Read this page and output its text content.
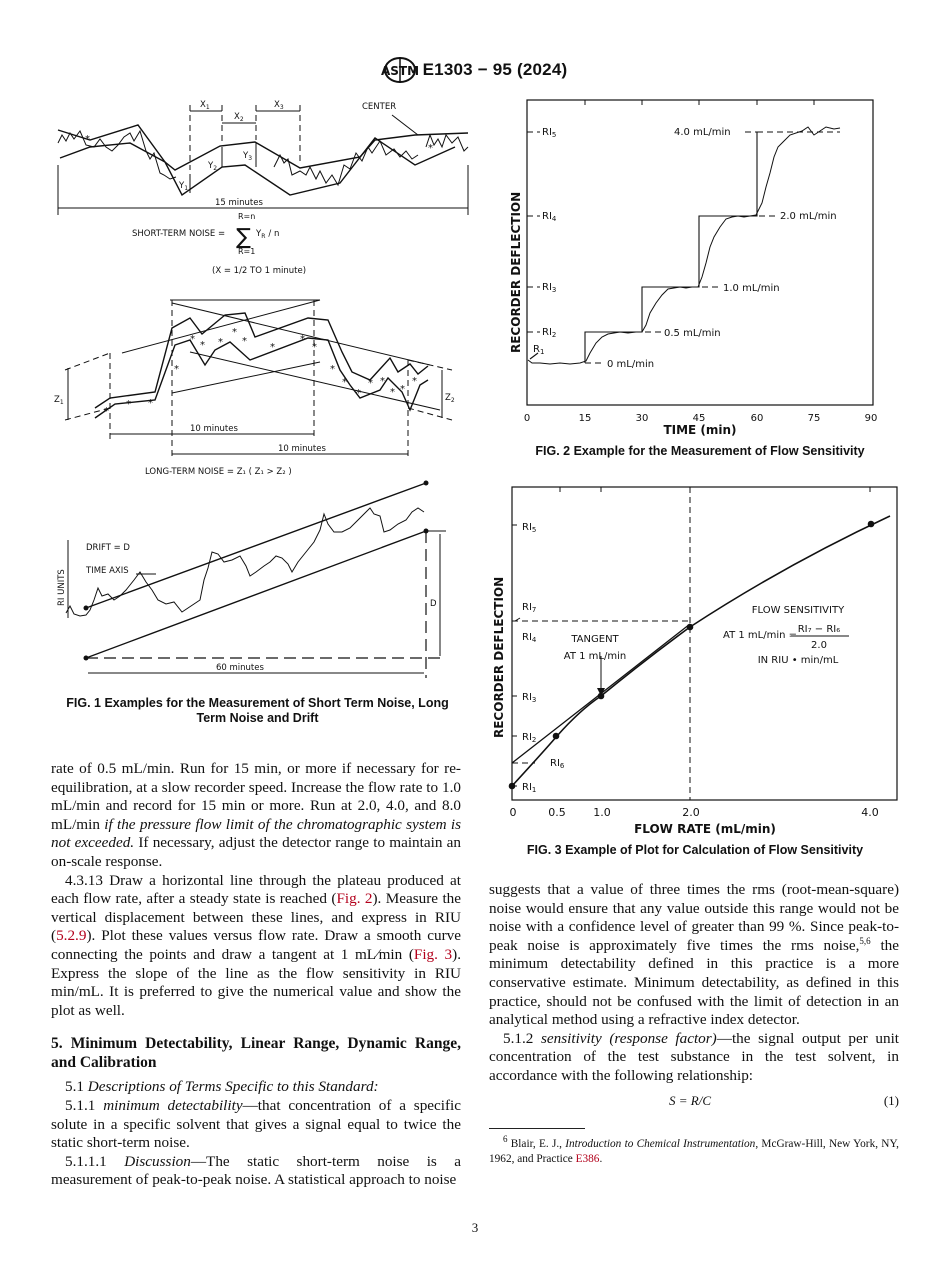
ASTM E1303 − 95 (2024)
$X_1$
$X_2$
$X_3$	CENTER
$Y_1$
$Y_2$
$Y_3$
15 minutes
*
*
SHORT-TERM NOISE =
R=n
∑ $Y_R$ / n
R=1
(X = 1/2 TO 1 minute)
$Z_1$	$Z_2$
10 minutes
10 minutes
LONG-TERM NOISE = Z₁ ( Z₁ > Z₂ )
*
* *
*
*
* *
*
*
*
*
*
*
*
*
* *
* *
*
DRIFT = D
TIME AXIS
RI UNITS	D
60 minutes
FIG. 1 Examples for the Measurement of Short Term Noise, Long Term Noise and Drift
$RI_5$
$RI_4$
$RI_3$
$RI_2$
$R_1$
4.0 mL/min
2.0 mL/min
1.0 mL/min
0.5 mL/min
0 mL/min
0	15	30	45	60	75	90
TIME (min)
RECORDER DEFLECTION
FIG. 2 Example for the Measurement of Flow Sensitivity
$RI_5$
$RI_7$
$RI_4$
$RI_3$
$RI_2$
$RI_6$
$RI_1$
TANGENT
AT 1 mL/min
FLOW SENSITIVITY
AT 1 mL/min =
RI₇ − RI₆
2.0
IN RIU • min/mL
0	0.5	1.0	2.0	4.0
FLOW RATE (mL/min)
RECORDER DEFLECTION
FIG. 3 Example of Plot for Calculation of Flow Sensitivity

rate of 0.5 mL/min. Run for 15 min, or more if necessary for re-equilibration, at a slow recorder speed. Increase the flow rate to 1.0 mL/min and record for 15 min or more. Run at 2.0, 4.0, and 8.0 mL/min if the pressure flow limit of the chromatographic system is not exceeded. If necessary, adjust the detector range to maintain an on-scale response.

4.3.13 Draw a horizontal line through the plateau produced at each flow rate, after a steady state is reached (Fig. 2). Measure the vertical displacement between these lines, and express in RIU (5.2.9). Plot these values versus flow rate. Draw a smooth curve connecting the points and draw a tangent at 1 mL⁄min (Fig. 3). Express the slope of the line as the flow sensitivity in RIU min/mL. It is preferred to give the numerical value and show the plot as well.

5. Minimum Detectability, Linear Range, Dynamic Range, and Calibration

5.1 Descriptions of Terms Specific to this Standard:

5.1.1 minimum detectability—that concentration of a specific solute in a specific solvent that gives a signal equal to twice the static short-term noise.

5.1.1.1 Discussion—The static short-term noise is a measurement of peak-to-peak noise. A statistical approach to noise

suggests that a value of three times the rms (root-mean-square) noise would ensure that any value outside this range would not be noise with a confidence level of greater than 99 %. Since peak-to-peak noise is approximately five times the rms noise,$^{5,6}$ the minimum detectability defined in this practice is a more conservative estimate. Minimum detectability, as defined in this practice, should not be confused with the limit of detection in an analytical method using a refractive index detector.

5.1.2 sensitivity (response factor)—the signal output per unit concentration of the test substance in the test solvent, in accordance with the following relationship:

S = R/C	(1)
$^6$ Blair, E. J., Introduction to Chemical Instrumentation, McGraw-Hill, New York, NY, 1962, and Practice E386.
3
